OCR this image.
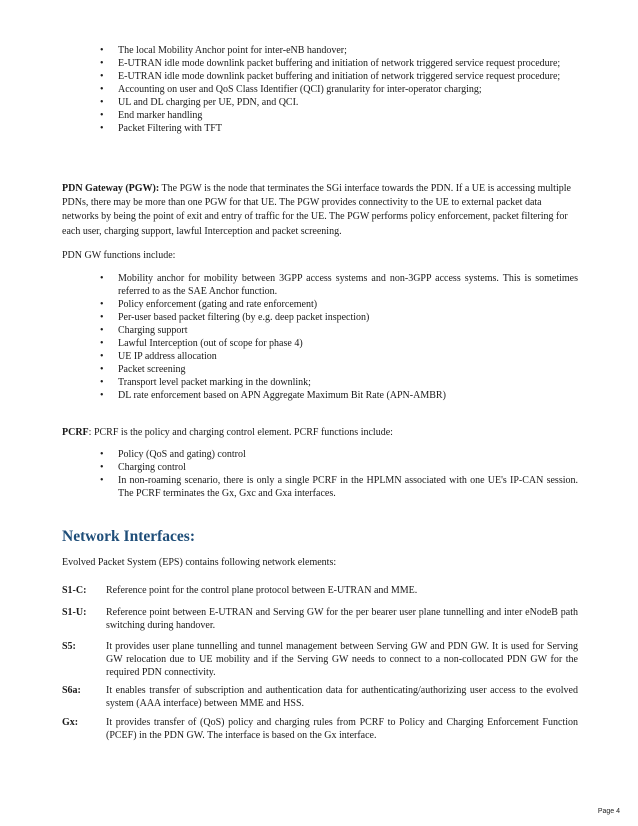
• The local Mobility Anchor point for inter-eNB handover;
• E-UTRAN idle mode downlink packet buffering and initiation of network triggered service request procedure;
• E-UTRAN idle mode downlink packet buffering and initiation of network triggered service request procedure;
• Accounting on user and QoS Class Identifier (QCI) granularity for inter-operator charging;
• UL and DL charging per UE, PDN, and QCI.
• End marker handling
• Packet Filtering with TFT

PDN Gateway (PGW): The PGW is the node that terminates the SGi interface towards the PDN. If a UE is accessing multiple PDNs, there may be more than one PGW for that UE. The PGW provides connectivity to the UE to external packet data networks by being the point of exit and entry of traffic for the UE. The PGW performs policy enforcement, packet filtering for each user, charging support, lawful Interception and packet screening.

PDN GW functions include:

• Mobility anchor for mobility between 3GPP access systems and non-3GPP access systems. This is sometimes referred to as the SAE Anchor function.
• Policy enforcement (gating and rate enforcement)
• Per-user based packet filtering (by e.g. deep packet inspection)
• Charging support
• Lawful Interception (out of scope for phase 4)
• UE IP address allocation
• Packet screening
• Transport level packet marking in the downlink;
• DL rate enforcement based on APN Aggregate Maximum Bit Rate (APN-AMBR)

PCRF: PCRF is the policy and charging control element. PCRF functions include:

• Policy (QoS and gating) control
• Charging control
• In non-roaming scenario, there is only a single PCRF in the HPLMN associated with one UE's IP-CAN session. The PCRF terminates the Gx, Gxc and Gxa interfaces.
Network Interfaces:

Evolved Packet System (EPS) contains following network elements:

S1-C:	Reference point for the control plane protocol between E-UTRAN and MME.
S1-U:	Reference point between E-UTRAN and Serving GW for the per bearer user plane tunnelling and inter eNodeB path switching during handover.
S5:	It provides user plane tunnelling and tunnel management between Serving GW and PDN GW. It is used for Serving GW relocation due to UE mobility and if the Serving GW needs to connect to a non-collocated PDN GW for the required PDN connectivity.
S6a:	It enables transfer of subscription and authentication data for authenticating/authorizing user access to the evolved system (AAA interface) between MME and HSS.
Gx:	It provides transfer of (QoS) policy and charging rules from PCRF to Policy and Charging Enforcement Function (PCEF) in the PDN GW. The interface is based on the Gx interface.
Page 4
